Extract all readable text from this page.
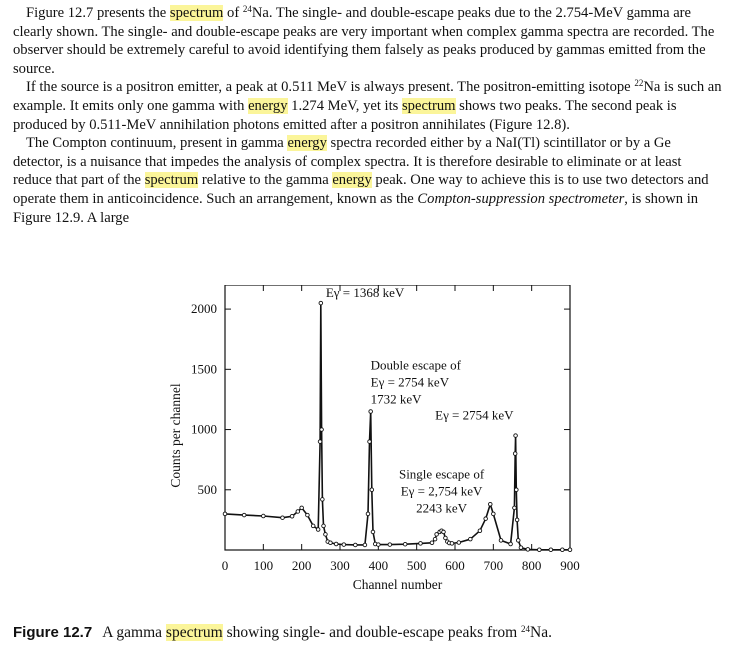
Figure 12.7 presents the spectrum of $^{24}$Na. The single- and double-escape peaks due to the 2.754-MeV gamma are clearly shown. The single- and double-escape peaks are very important when complex gamma spectra are recorded. The observer should be extremely careful to avoid identifying them falsely as peaks produced by gammas emitted from the source.

If the source is a positron emitter, a peak at 0.511 MeV is always present. The positron-emitting isotope $^{22}$Na is such an example. It emits only one gamma with energy 1.274 MeV, yet its spectrum shows two peaks. The second peak is produced by 0.511-MeV annihilation photons emitted after a positron annihilates (Figure 12.8).

The Compton continuum, present in gamma energy spectra recorded either by a NaI(Tl) scintillator or by a Ge detector, is a nuisance that impedes the analysis of complex spectra. It is therefore desirable to eliminate or at least reduce that part of the spectrum relative to the gamma energy peak. One way to achieve this is to use two detectors and operate them in anticoincidence. Such an arrangement, known as the Compton-suppression spectrometer, is shown in Figure 12.9. A large

0 100 200 300 400 500 600 700 800 900
500
1000
1500
2000
Channel number
Counts per channel
Eγ = 1368 keV
Double escape of
Eγ = 2754 keV
1732 keV
Eγ = 2754 keV
Single escape of
Eγ = 2,754 keV
2243 keV
Figure 12.7 A gamma spectrum showing single- and double-escape peaks from $^{24}$Na.
